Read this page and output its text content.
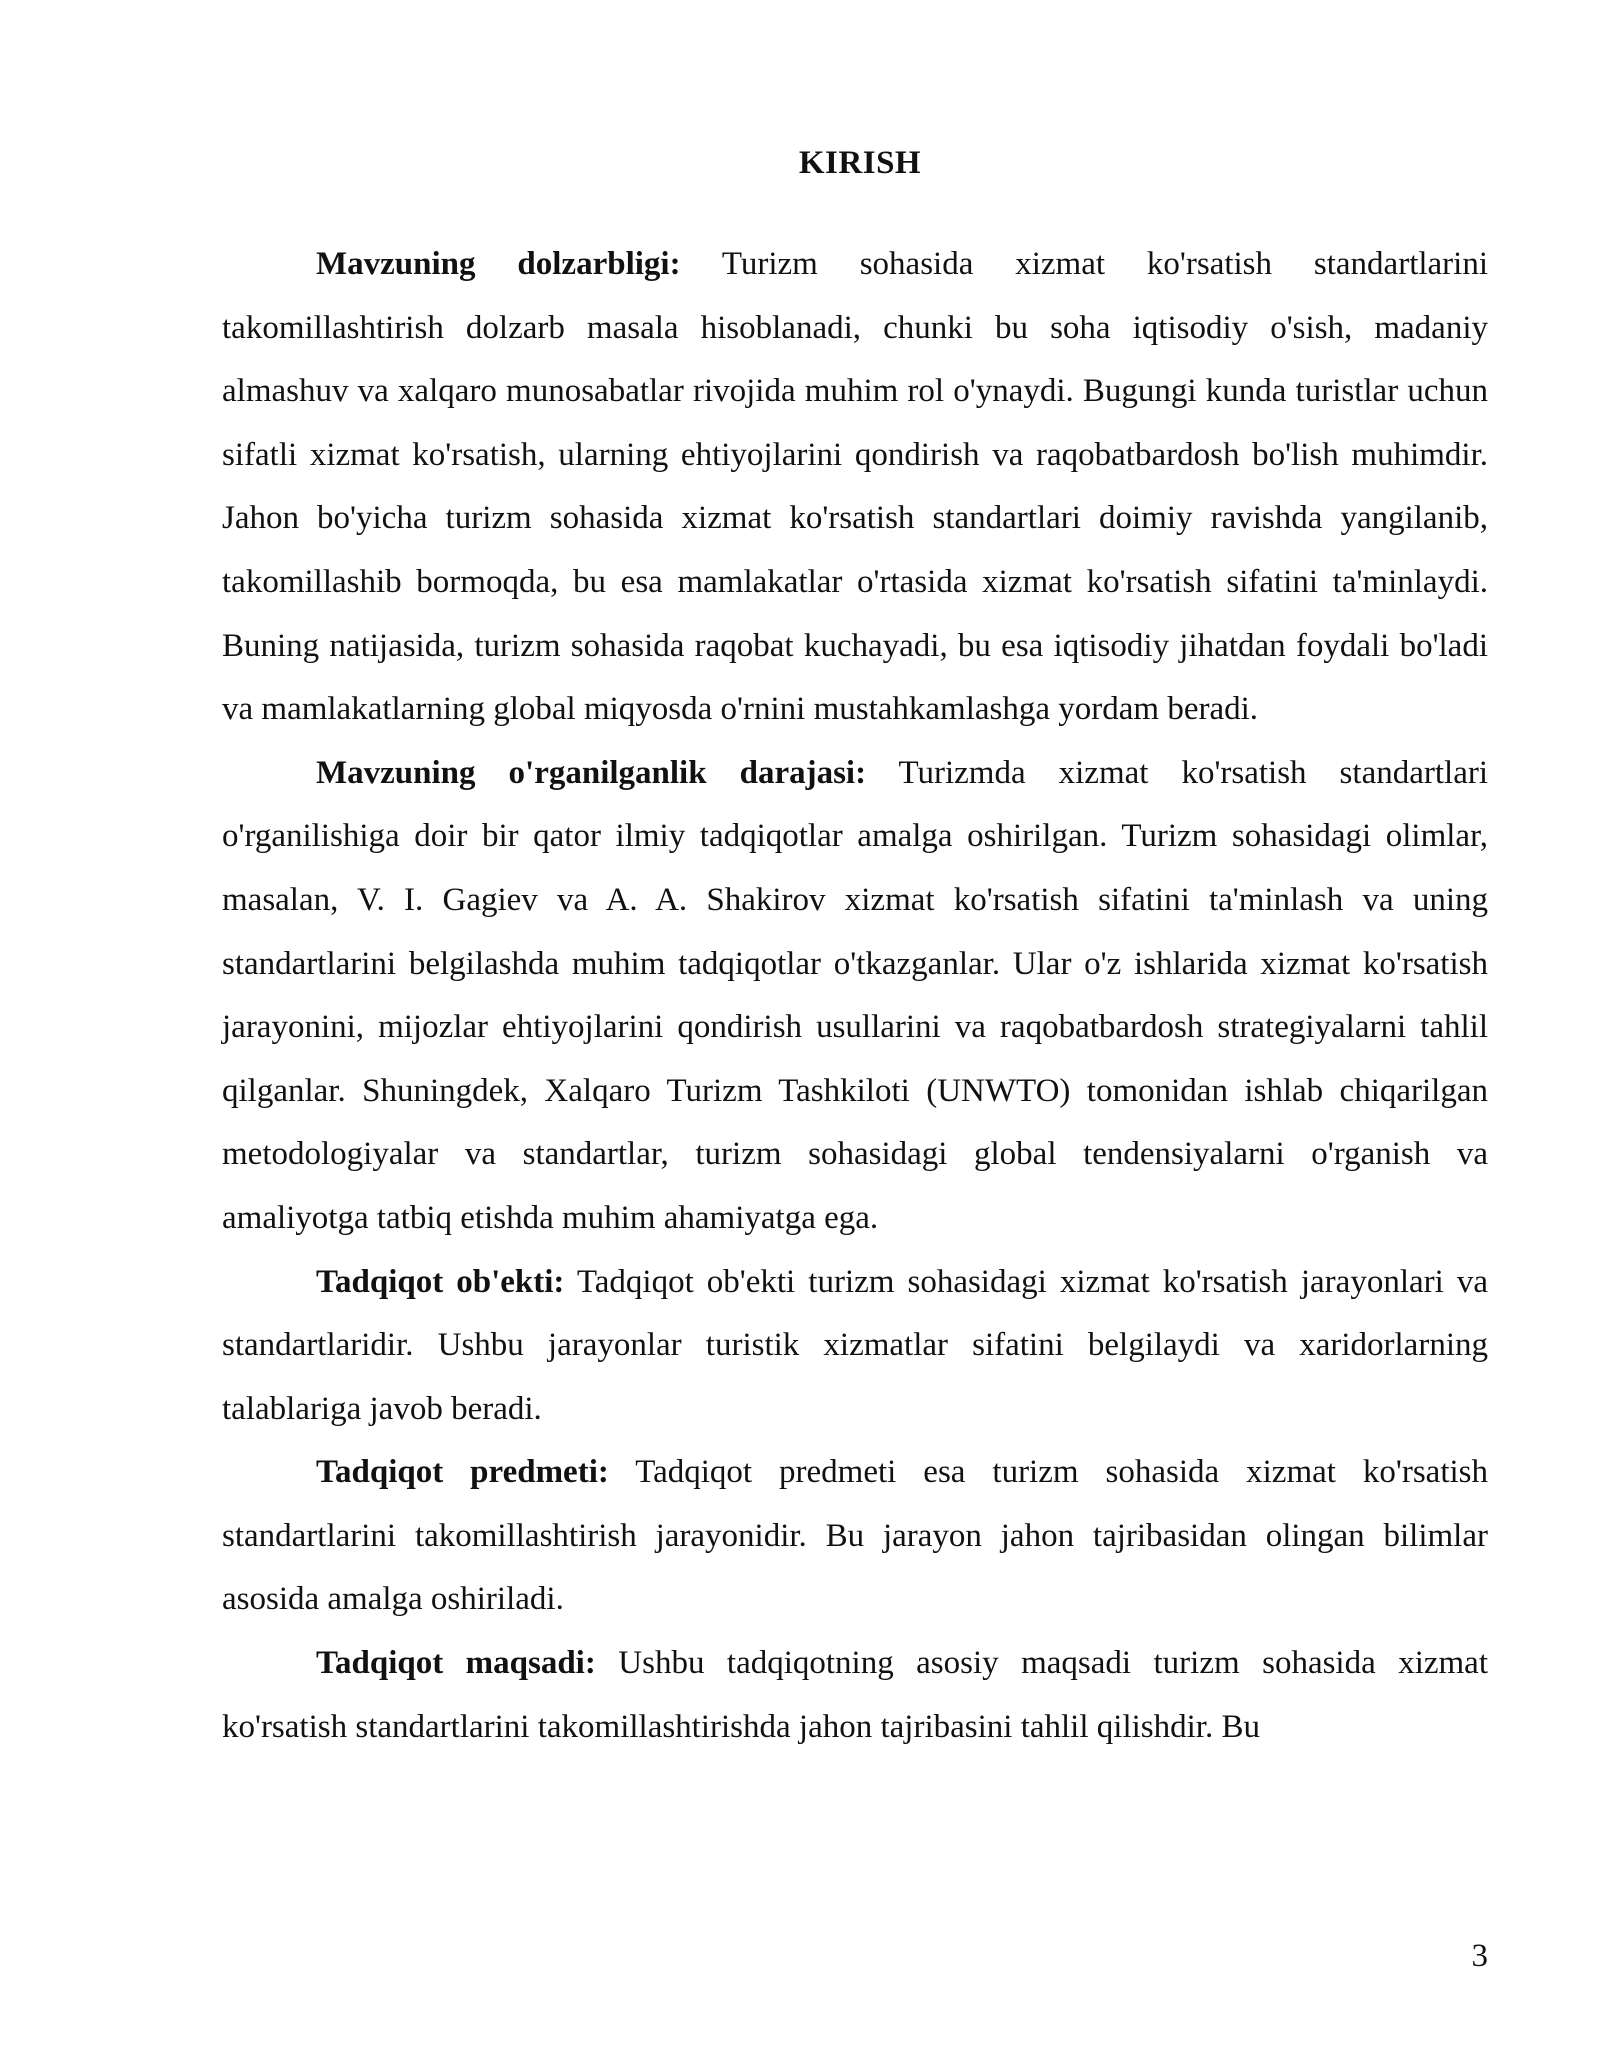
KIRISH

Mavzuning dolzarbligi: Turizm sohasida xizmat ko'rsatish standartlarini takomillashtirish dolzarb masala hisoblanadi, chunki bu soha iqtisodiy o'sish, madaniy almashuv va xalqaro munosabatlar rivojida muhim rol o'ynaydi. Bugungi kunda turistlar uchun sifatli xizmat ko'rsatish, ularning ehtiyojlarini qondirish va raqobatbardosh bo'lish muhimdir. Jahon bo'yicha turizm sohasida xizmat ko'rsatish standartlari doimiy ravishda yangilanib, takomillashib bormoqda, bu esa mamlakatlar o'rtasida xizmat ko'rsatish sifatini ta'minlaydi. Buning natijasida, turizm sohasida raqobat kuchayadi, bu esa iqtisodiy jihatdan foydali bo'ladi va mamlakatlarning global miqyosda o'rnini mustahkamlashga yordam beradi.

Mavzuning o'rganilganlik darajasi: Turizmda xizmat ko'rsatish standartlari o'rganilishiga doir bir qator ilmiy tadqiqotlar amalga oshirilgan. Turizm sohasidagi olimlar, masalan, V. I. Gagiev va A. A. Shakirov xizmat ko'rsatish sifatini ta'minlash va uning standartlarini belgilashda muhim tadqiqotlar o'tkazganlar. Ular o'z ishlarida xizmat ko'rsatish jarayonini, mijozlar ehtiyojlarini qondirish usullarini va raqobatbardosh strategiyalarni tahlil qilganlar. Shuningdek, Xalqaro Turizm Tashkiloti (UNWTO) tomonidan ishlab chiqarilgan metodologiyalar va standartlar, turizm sohasidagi global tendensiyalarni o'rganish va amaliyotga tatbiq etishda muhim ahamiyatga ega.

Tadqiqot ob'ekti: Tadqiqot ob'ekti turizm sohasidagi xizmat ko'rsatish jarayonlari va standartlaridir. Ushbu jarayonlar turistik xizmatlar sifatini belgilaydi va xaridorlarning talablariga javob beradi.

Tadqiqot predmeti: Tadqiqot predmeti esa turizm sohasida xizmat ko'rsatish standartlarini takomillashtirish jarayonidir. Bu jarayon jahon tajribasidan olingan bilimlar asosida amalga oshiriladi.

Tadqiqot maqsadi: Ushbu tadqiqotning asosiy maqsadi turizm sohasida xizmat ko'rsatish standartlarini takomillashtirishda jahon tajribasini tahlil qilishdir. Bu

3
